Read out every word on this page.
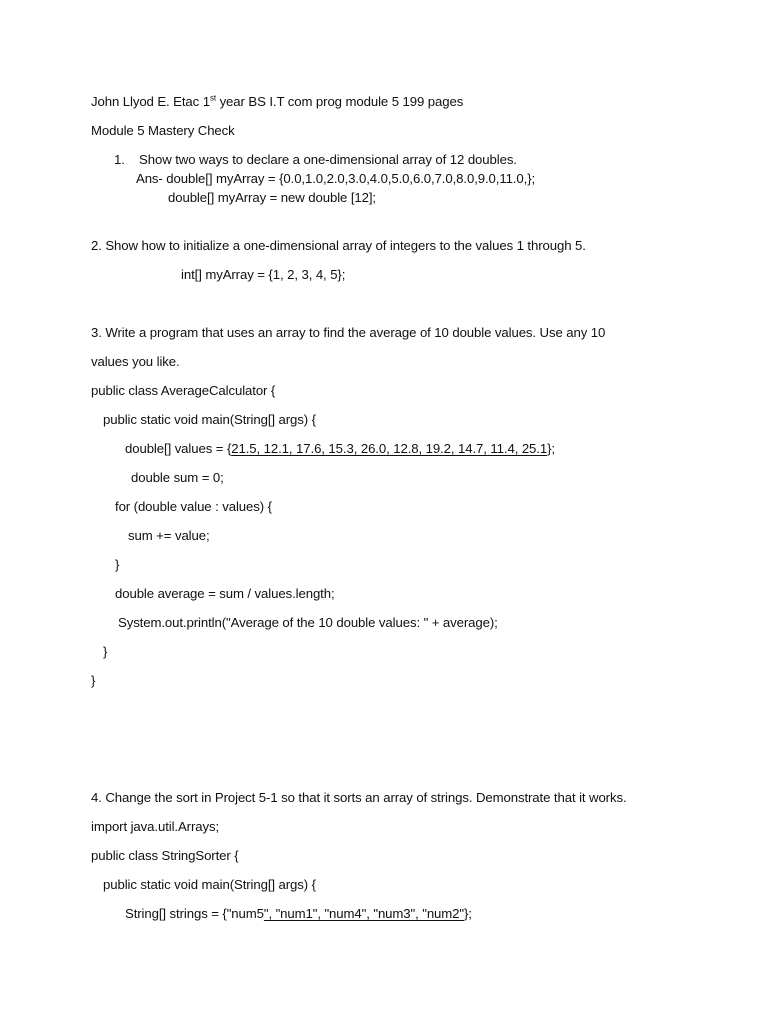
John Llyod E. Etac 1st year BS I.T com prog module 5 199 pages
Module 5 Mastery Check
1.    Show two ways to declare a one-dimensional array of 12 doubles.
Ans- double[] myArray = {0.0,1.0,2.0,3.0,4.0,5.0,6.0,7.0,8.0,9.0,11.0,};
double[] myArray = new double [12];
2. Show how to initialize a one-dimensional array of integers to the values 1 through 5.
int[] myArray = {1, 2, 3, 4, 5};
3. Write a program that uses an array to find the average of 10 double values. Use any 10
values you like.
public class AverageCalculator {
public static void main(String[] args) {
double[] values = {21.5, 12.1, 17.6, 15.3, 26.0, 12.8, 19.2, 14.7, 11.4, 25.1};
double sum = 0;
for (double value : values) {
sum += value;
}
double average = sum / values.length;
System.out.println("Average of the 10 double values: " + average);
}
}
4. Change the sort in Project 5-1 so that it sorts an array of strings. Demonstrate that it works.
import java.util.Arrays;
public class StringSorter {
public static void main(String[] args) {
String[] strings = {"num5", "num1", "num4", "num3", "num2"};
